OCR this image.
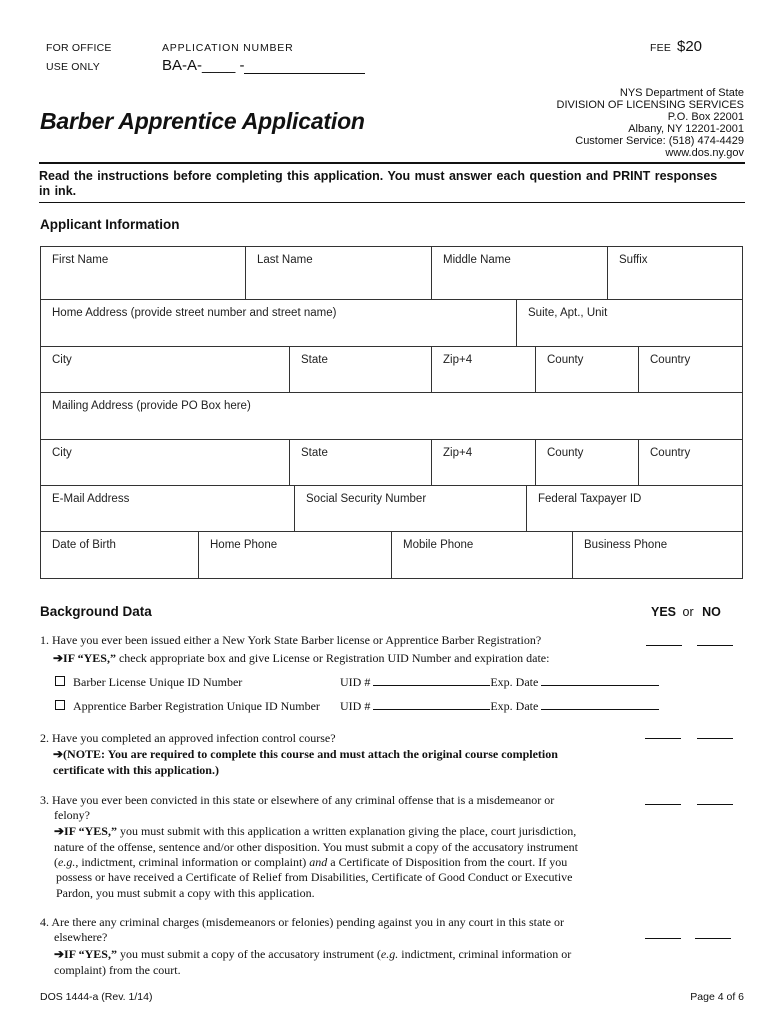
FOR OFFICE
USE ONLY
APPLICATION NUMBER
BA-A-____ -
FEE $20
Barber Apprentice Application
NYS Department of State
DIVISION OF LICENSING SERVICES
P.O. Box 22001
Albany, NY 12201-2001
Customer Service: (518) 474-4429
www.dos.ny.gov
Read the instructions before completing this application. You must answer each question and PRINT responses in ink.
Applicant Information
First Name	Last Name	Middle Name	Suffix
Home Address (provide street number and street name)	Suite, Apt., Unit
City	State	Zip+4	County	Country
Mailing Address (provide PO Box here)
City	State	Zip+4	County	Country
E-Mail Address	Social Security Number	Federal Taxpayer ID
Date of Birth	Home Phone	Mobile Phone	Business Phone
Background Data	YES or NO
1. Have you ever been issued either a New York State Barber license or Apprentice Barber Registration?
➔IF “YES,” check appropriate box and give License or Registration UID Number and expiration date:
Barber License Unique ID Number	UID #	Exp. Date
Apprentice Barber Registration Unique ID Number UID #	Exp. Date
2. Have you completed an approved infection control course?
➔(NOTE: You are required to complete this course and must attach the original course completion
certificate with this application.)
3. Have you ever been convicted in this state or elsewhere of any criminal offense that is a misdemeanor or
felony?
➔IF “YES,” you must submit with this application a written explanation giving the place, court jurisdiction,
nature of the offense, sentence and/or other disposition. You must submit a copy of the accusatory instrument
(e.g., indictment, criminal information or complaint) and a Certificate of Disposition from the court. If you
possess or have received a Certificate of Relief from Disabilities, Certificate of Good Conduct or Executive
Pardon, you must submit a copy with this application.
4. Are there any criminal charges (misdemeanors or felonies) pending against you in any court in this state or
elsewhere?
➔IF “YES,” you must submit a copy of the accusatory instrument (e.g. indictment, criminal information or
complaint) from the court.
DOS 1444-a (Rev. 1/14)	Page 4 of 6
